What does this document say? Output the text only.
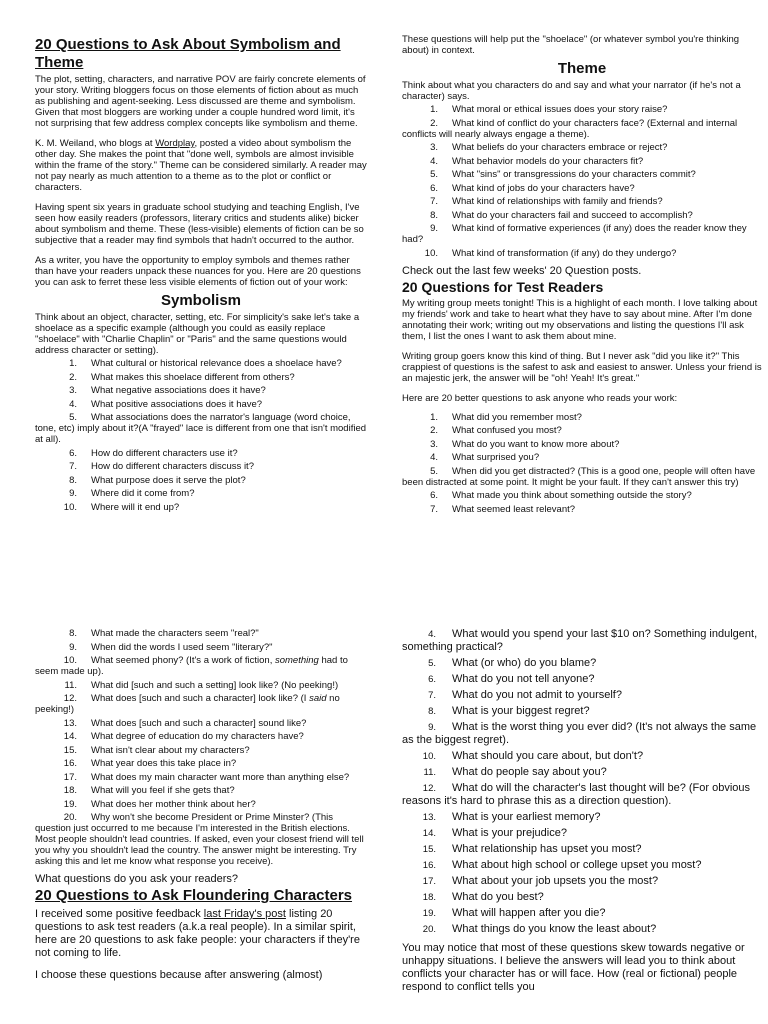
20 Questions to Ask About Symbolism and Theme

The plot, setting, characters, and narrative POV are fairly concrete elements of your story. Writing bloggers focus on those elements of fiction about as much as publishing and agent-seeking. Less discussed are theme and symbolism. Given that most bloggers are working under a couple hundred word limit, it's not surprising that few address complex concepts like symbolism and theme.

K. M. Weiland, who blogs at Wordplay, posted a video about symbolism the other day. She makes the point that "done well, symbols are almost invisible within the frame of the story." Theme can be considered similarly. A reader may not pay nearly as much attention to a theme as to the plot or conflict or characters.

Having spent six years in graduate school studying and teaching English, I've seen how easily readers (professors, literary critics and students alike) bicker about symbolism and theme. These (less-visible) elements of fiction can be so subjective that a reader may find symbols that hadn't occurred to the author.

As a writer, you have the opportunity to employ symbols and themes rather than have your readers unpack these nuances for you. Here are 20 questions you can ask to ferret these less visible elements of fiction out of your work:

Symbolism

Think about an object, character, setting, etc. For simplicity's sake let's take a shoelace as a specific example (although you could as easily replace "shoelace" with "Charlie Chaplin" or "Paris" and the same questions would address character or setting).

1. What cultural or historical relevance does a shoelace have?
2. What makes this shoelace different from others?
3. What negative associations does it have?
4. What positive associations does it have?
5. What associations does the narrator's language (word choice, tone, etc) imply about it?(A "frayed" lace is different from one that isn't modified at all).
6. How do different characters use it?
7. How do different characters discuss it?
8. What purpose does it serve the plot?
9. Where did it come from?
10. Where will it end up?

These questions will help put the "shoelace" (or whatever symbol you're thinking about) in context.

Theme

Think about what you characters do and say and what your narrator (if he's not a character) says.

1. What moral or ethical issues does your story raise?
2. What kind of conflict do your characters face? (External and internal conflicts will nearly always engage a theme).
3. What beliefs do your characters embrace or reject?
4. What behavior models do your characters fit?
5. What "sins" or transgressions do your characters commit?
6. What kind of jobs do your characters have?
7. What kind of relationships with family and friends?
8. What do your characters fail and succeed to accomplish?
9. What kind of formative experiences (if any) does the reader know they had?
10. What kind of transformation (if any) do they undergo?

Check out the last few weeks' 20 Question posts.

20 Questions for Test Readers

My writing group meets tonight! This is a highlight of each month. I love talking about my friends' work and take to heart what they have to say about mine. After I'm done annotating their work; writing out my observations and listing the questions I'll ask them, I list the ones I want to ask them about mine.

Writing group goers know this kind of thing. But I never ask "did you like it?" This crappiest of questions is the safest to ask and easiest to answer. Unless your friend is an majestic jerk, the answer will be "oh! Yeah! It's great."

Here are 20 better questions to ask anyone who reads your work:

1. What did you remember most?
2. What confused you most?
3. What do you want to know more about?
4. What surprised you?
5. When did you get distracted? (This is a good one, people will often have been distracted at some point. It might be your fault. If they can't answer this try)
6. What made you think about something outside the story?
7. What seemed least relevant?
8. What made the characters seem "real?"
9. When did the words I used seem "literary?"
10. What seemed phony? (It's a work of fiction, something had to seem made up).
11. What did [such and such a setting] look like? (No peeking!)
12. What does [such and such a character] look like? (I said no peeking!)
13. What does [such and such a character] sound like?
14. What degree of education do my characters have?
15. What isn't clear about my characters?
16. What year does this take place in?
17. What does my main character want more than anything else?
18. What will you feel if she gets that?
19. What does her mother think about her?
20. Why won't she become President or Prime Minster? (This question just occurred to me because I'm interested in the British elections. Most people shouldn't lead countries. If asked, even your closest friend will tell you why you shouldn't lead the country. The answer might be interesting. Try asking this and let me know what response you receive).

What questions do you ask your readers?

20 Questions to Ask Floundering Characters

I received some positive feedback last Friday's post listing 20 questions to ask test readers (a.k.a real people). In a similar spirit, here are 20 questions to ask fake people: your characters if they're not coming to life.

I choose these questions because after answering (almost)

4. What would you spend your last $10 on? Something indulgent, something practical?
5. What (or who) do you blame?
6. What do you not tell anyone?
7. What do you not admit to yourself?
8. What is your biggest regret?
9. What is the worst thing you ever did? (It's not always the same as the biggest regret).
10. What should you care about, but don't?
11. What do people say about you?
12. What do will the character's last thought will be? (For obvious reasons it's hard to phrase this as a direction question).
13. What is your earliest memory?
14. What is your prejudice?
15. What relationship has upset you most?
16. What about high school or college upset you most?
17. What about your job upsets you the most?
18. What do you best?
19. What will happen after you die?
20. What things do you know the least about?

You may notice that most of these questions skew towards negative or unhappy situations. I believe the answers will lead you to think about conflicts your character has or will face. How (real or fictional) people respond to conflict tells you
